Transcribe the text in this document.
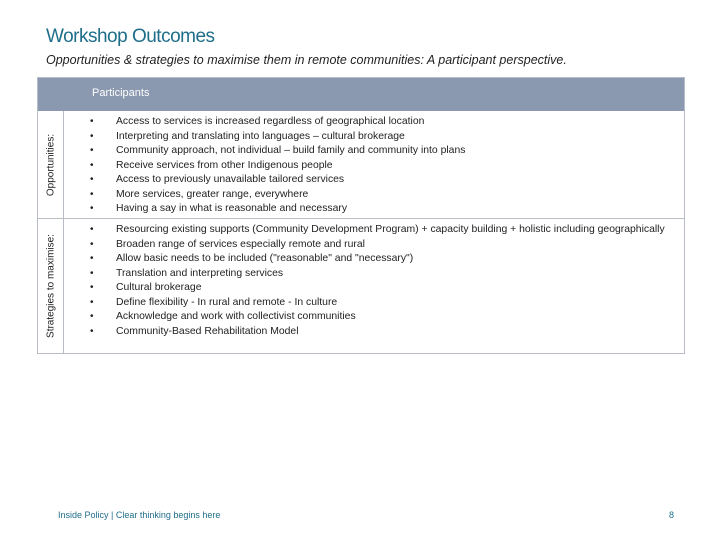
Workshop Outcomes
Opportunities & strategies to maximise them in remote communities: A participant perspective.
Participants
Opportunities:
• Access to services is increased regardless of geographical location
• Interpreting and translating into languages – cultural brokerage
• Community approach, not individual – build family and community into plans
• Receive services from other Indigenous people
• Access to previously unavailable tailored services
• More services, greater range, everywhere
• Having a say in what is reasonable and necessary
Strategies to maximise:
• Resourcing existing supports (Community Development Program) + capacity building + holistic including geographically
• Broaden range of services especially remote and rural
• Allow basic needs to be included ("reasonable" and "necessary")
• Translation and interpreting services
• Cultural brokerage
• Define flexibility - In rural and remote - In culture
• Acknowledge and work with collectivist communities
• Community-Based Rehabilitation Model
Inside Policy | Clear thinking begins here	8
